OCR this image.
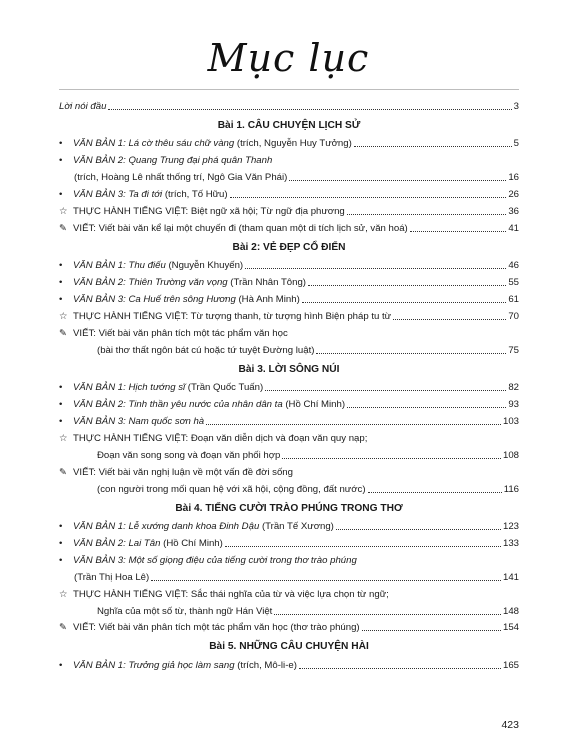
Mục lục
Lời nói đầu	3
Bài 1. CÂU CHUYỆN LỊCH SỬ
• VĂN BẢN 1: Lá cờ thêu sáu chữ vàng (trích, Nguyễn Huy Tưởng)	5
• VĂN BẢN 2: Quang Trung đại phá quân Thanh
(trích, Hoàng Lê nhất thống trí, Ngô Gia Văn Phái)	16
• VĂN BẢN 3: Ta đi tới (trích, Tố Hữu)	26
☆ THỰC HÀNH TIẾNG VIỆT: Biệt ngữ xã hội; Từ ngữ địa phương	36
✎ VIẾT: Viết bài văn kể lại một chuyến đi (tham quan một di tích lịch sử, văn hoá)	41
Bài 2: VẺ ĐẸP CỔ ĐIỂN
• VĂN BẢN 1: Thu điếu (Nguyễn Khuyến)	46
• VĂN BẢN 2: Thiên Trường văn vọng (Trần Nhân Tông)	55
• VĂN BẢN 3: Ca Huế trên sông Hương (Hà Anh Minh)	61
☆ THỰC HÀNH TIẾNG VIỆT: Từ tượng thanh, từ tượng hình Biện pháp tu từ	70
✎ VIẾT: Viết bài văn phân tích một tác phẩm văn học
(bài thơ thất ngôn bát cú hoặc tứ tuyệt Đường luật)	75
Bài 3. LỜI SÔNG NÚI
• VĂN BẢN 1: Hịch tướng sĩ (Trần Quốc Tuấn)	82
• VĂN BẢN 2: Tinh thần yêu nước của nhân dân ta (Hồ Chí Minh)	93
• VĂN BẢN 3: Nam quốc sơn hà	103
☆ THỰC HÀNH TIẾNG VIỆT: Đoạn văn diễn dịch và đoạn văn quy nạp;
Đoạn văn song song và đoạn văn phối hợp	108
✎ VIẾT: Viết bài văn nghị luận về một vấn đề đời sống
(con người trong mối quan hệ với xã hội, cộng đồng, đất nước)	116
Bài 4. TIẾNG CƯỜI TRÀO PHÚNG TRONG THƠ
• VĂN BẢN 1: Lễ xướng danh khoa Đinh Dậu (Trần Tế Xương)	123
• VĂN BẢN 2: Lai Tân (Hồ Chí Minh)	133
• VĂN BẢN 3: Một số giọng điệu của tiếng cười trong thơ trào phúng
(Trần Thị Hoa Lê)	141
☆ THỰC HÀNH TIẾNG VIỆT: Sắc thái nghĩa của từ và việc lựa chọn từ ngữ;
Nghĩa của một số từ, thành ngữ Hán Việt	148
✎ VIẾT: Viết bài văn phân tích một tác phẩm văn học (thơ trào phúng)	154
Bài 5. NHỮNG CÂU CHUYỆN HÀI
• VĂN BẢN 1: Trưởng giả học làm sang (trích, Mô-li-e)	165
423
